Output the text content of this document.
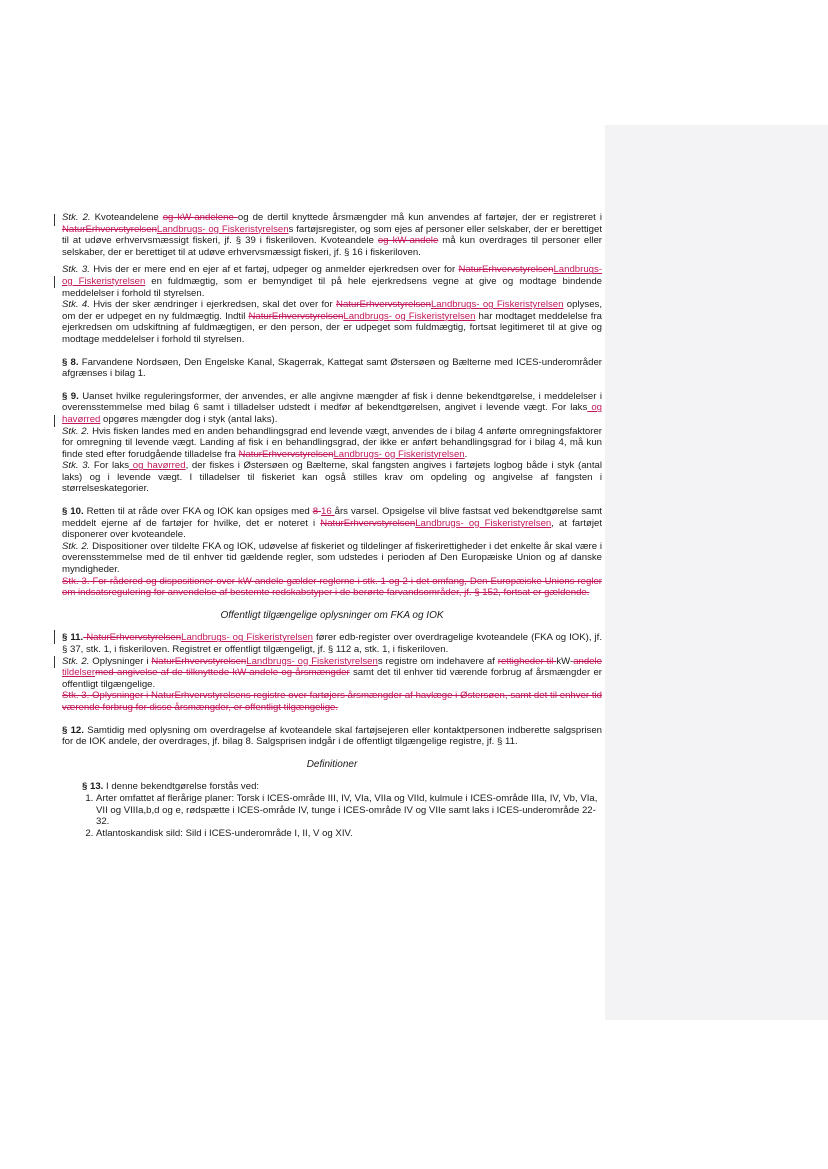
Stk. 2. Kvoteandelene og kW-andelene og de dertil knyttede årsmængder må kun anvendes af fartøjer, der er registreret i NaturErhvervstyrelsenLandbrugs- og Fiskeristyrelsens fartøjsregister, og som ejes af personer eller selskaber, der er berettiget til at udøve erhvervsmæssigt fiskeri, jf. § 39 i fiskeriloven. Kvoteandele og kW-andele må kun overdrages til personer eller selskaber, der er berettiget til at udøve erhvervsmæssigt fiskeri, jf. § 16 i fiskeriloven.

Stk. 3. Hvis der er mere end en ejer af et fartøj, udpeger og anmelder ejerkredsen over for NaturErhvervstyrelsenLandbrugs- og Fiskeristyrelsen en fuldmægtig, som er bemyndiget til på hele ejerkredsens vegne at give og modtage bindende meddelelser i forhold til styrelsen.

Stk. 4. Hvis der sker ændringer i ejerkredsen, skal det over for NaturErhvervstyrelsenLandbrugs- og Fiskeristyrelsen oplyses, om der er udpeget en ny fuldmægtig. Indtil NaturErhvervstyrelsenLandbrugs- og Fiskeristyrelsen har modtaget meddelelse fra ejerkredsen om udskiftning af fuldmægtigen, er den person, der er udpeget som fuldmægtig, fortsat legitimeret til at give og modtage meddelelser i forhold til styrelsen.

§ 8. Farvandene Nordsøen, Den Engelske Kanal, Skagerrak, Kattegat samt Østersøen og Bælterne med ICES-underområder afgrænses i bilag 1.

§ 9. Uanset hvilke reguleringsformer, der anvendes, er alle angivne mængder af fisk i denne bekendtgørelse, i meddelelser i overensstemmelse med bilag 6 samt i tilladelser udstedt i medfør af bekendtgørelsen, angivet i levende vægt. For laks og havørred opgøres mængder dog i styk (antal laks).

Stk. 2. Hvis fisken landes med en anden behandlingsgrad end levende vægt, anvendes de i bilag 4 anførte omregningsfaktorer for omregning til levende vægt. Landing af fisk i en behandlingsgrad, der ikke er anført behandlingsgrad for i bilag 4, må kun finde sted efter forudgående tilladelse fra NaturErhvervstyrelsenLandbrugs- og Fiskeristyrelsen.

Stk. 3. For laks og havørred, der fiskes i Østersøen og Bælterne, skal fangsten angives i fartøjets logbog både i styk (antal laks) og i levende vægt. I tilladelser til fiskeriet kan også stilles krav om opdeling og angivelse af fangsten i størrelseskategorier.

§ 10. Retten til at råde over FKA og IOK kan opsiges med 8 16 års varsel. Opsigelse vil blive fastsat ved bekendtgørelse samt meddelt ejerne af de fartøjer for hvilke, det er noteret i NaturErhvervstyrelsenLandbrugs- og Fiskeristyrelsen, at fartøjet disponerer over kvoteandele.

Stk. 2. Dispositioner over tildelte FKA og IOK, udøvelse af fiskeriet og tildelinger af fiskerirettigheder i det enkelte år skal være i overensstemmelse med de til enhver tid gældende regler, som udstedes i perioden af Den Europæiske Union og af danske myndigheder.

Stk. 3. For rådered og dispositioner over kW-andele gælder reglerne i stk. 1 og 2 i det omfang, Den Europæiske Unions regler om indsatsregulering for anvendelse af bestemte redskabstyper i de berørte farvandsområder, jf. § 152, fortsat er gældende.

Offentligt tilgængelige oplysninger om FKA og IOK

§ 11. NaturErhvervstyrelsenLandbrugs- og Fiskeristyrelsen fører edb-register over overdragelige kvoteandele (FKA og IOK), jf. § 37, stk. 1, i fiskeriloven. Registret er offentligt tilgængeligt, jf. § 112 a, stk. 1, i fiskeriloven.

Stk. 2. Oplysninger i NaturErhvervstyrelsenLandbrugs- og Fiskeristyrelsens registre om indehavere af rettigheder til kW-andele tildelsermed angivelse af de tilknyttede kW-andele og årsmængder samt det til enhver tid værende forbrug af årsmængder er offentligt tilgængelige.

Stk. 3. Oplysninger i NaturErhvervstyrelsens registre over fartøjers årsmængder af havlæge i Østersøen, samt det til enhver tid værende forbrug for disse årsmængder, er offentligt tilgængelige.

§ 12. Samtidig med oplysning om overdragelse af kvoteandele skal fartøjsejeren eller kontaktpersonen indberette salgsprisen for de IOK andele, der overdrages, jf. bilag 8. Salgsprisen indgår i de offentligt tilgængelige registre, jf. § 11.

Definitioner

§ 13. I denne bekendtgørelse forstås ved:

1. Arter omfattet af flerårige planer: Torsk i ICES-område III, IV, VIa, VIIa og VIId, kulmule i ICES-område IIIa, IV, Vb, VIa, VII og VIIIa,b,d og e, rødspætte i ICES-område IV, tunge i ICES-område IV og VIIe samt laks i ICES-underområde 22-32.
2. Atlantoskandisk sild: Sild i ICES-underområde I, II, V og XIV.
